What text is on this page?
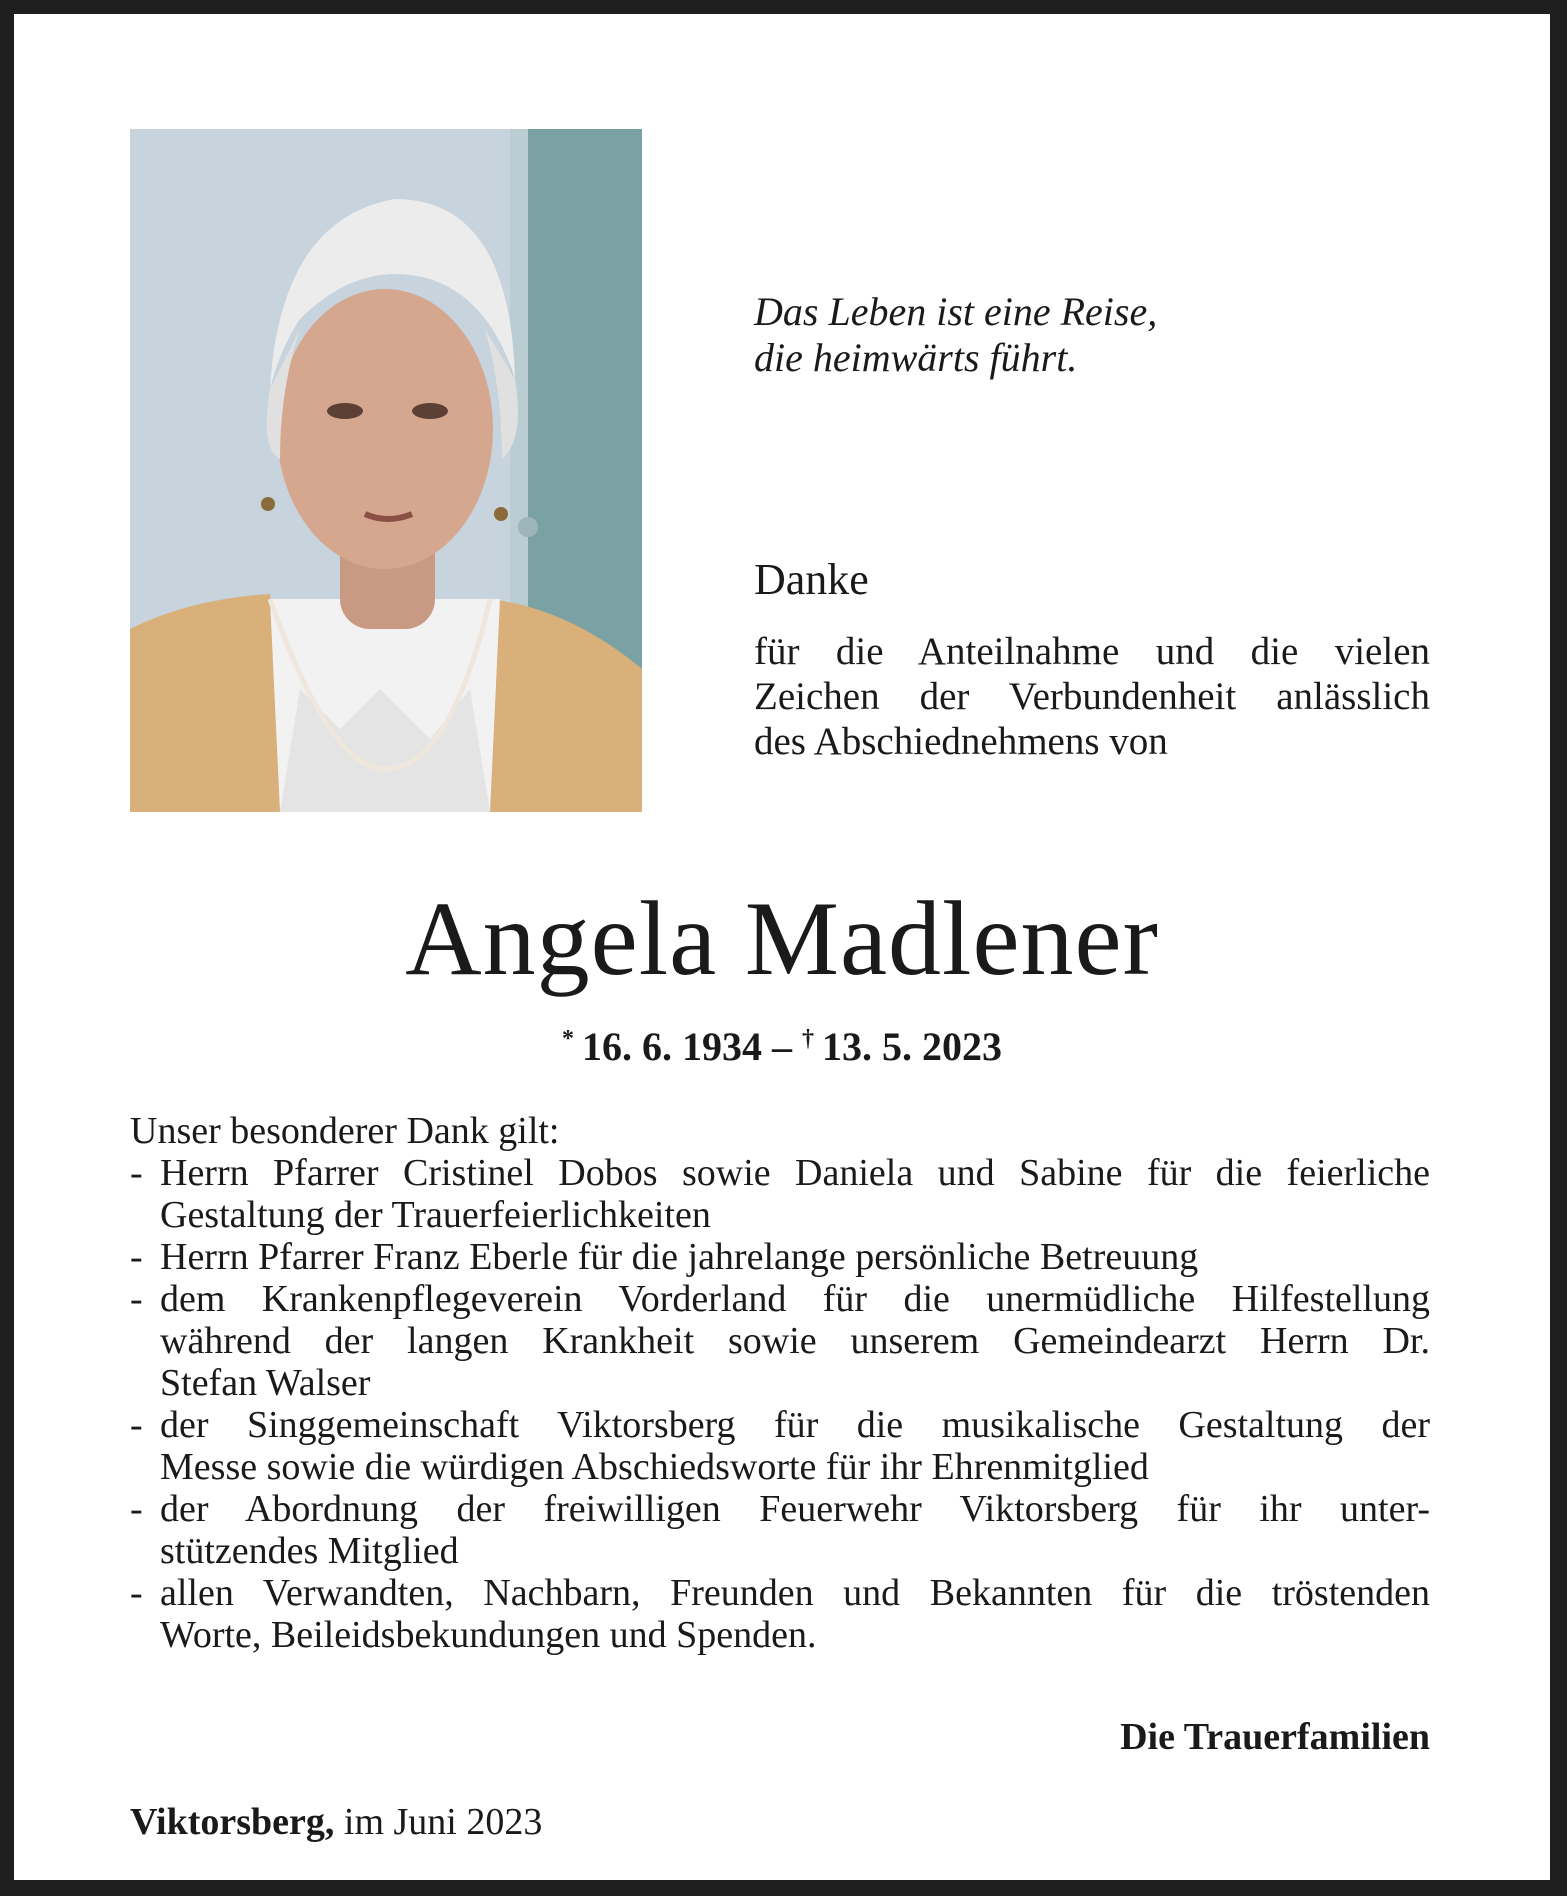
Das Leben ist eine Reise,
die heimwärts führt.
Danke
für die Anteilnahme und die vielen
Zeichen der Verbundenheit anlässlich
des Abschiednehmens von
Angela Madlener
* 16. 6. 1934 – † 13. 5. 2023
Unser besonderer Dank gilt:
- Herrn Pfarrer Cristinel Dobos sowie Daniela und Sabine für die feierliche
Gestaltung der Trauerfeierlichkeiten
- Herrn Pfarrer Franz Eberle für die jahrelange persönliche Betreuung
- dem Krankenpflegeverein Vorderland für die unermüdliche Hilfestellung
während der langen Krankheit sowie unserem Gemeindearzt Herrn Dr.
Stefan Walser
- der Singgemeinschaft Viktorsberg für die musikalische Gestaltung der
Messe sowie die würdigen Abschiedsworte für ihr Ehrenmitglied
- der Abordnung der freiwilligen Feuerwehr Viktorsberg für ihr unter-
stützendes Mitglied
- allen Verwandten, Nachbarn, Freunden und Bekannten für die tröstenden
Worte, Beileidsbekundungen und Spenden.
Die Trauerfamilien
Viktorsberg, im Juni 2023
